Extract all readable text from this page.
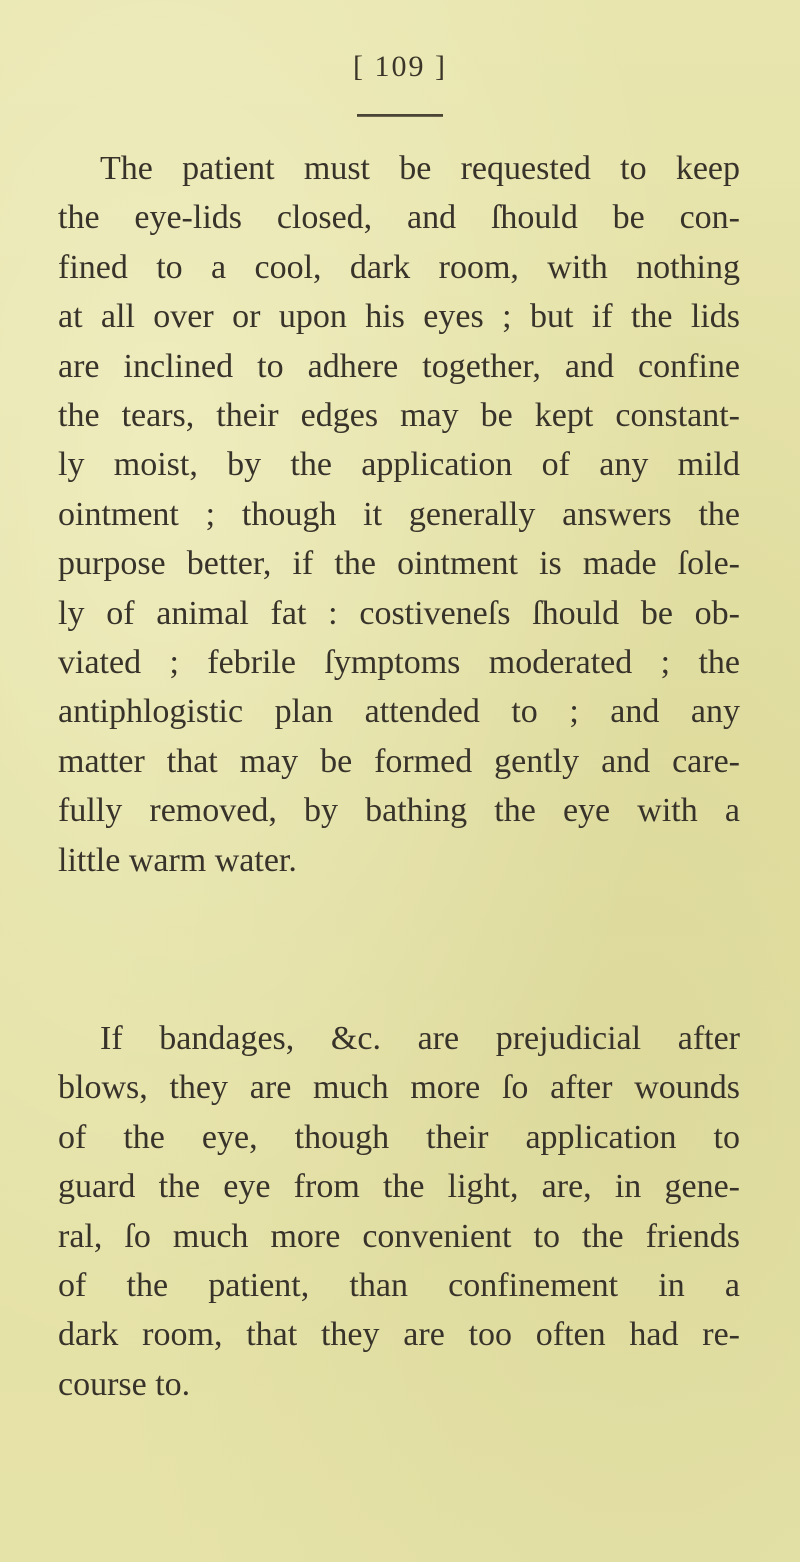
[ 109 ]
The patient must be requested to keep
the eye-lids closed, and ſhould be con-
fined to a cool, dark room, with nothing
at all over or upon his eyes ; but if the lids
are inclined to adhere together, and confine
the tears, their edges may be kept constant-
ly moist, by the application of any mild
ointment ; though it generally answers the
purpose better, if the ointment is made ſole-
ly of animal fat : costiveneſs ſhould be ob-
viated ; febrile ſymptoms moderated ; the
antiphlogistic plan attended to ; and any
matter that may be formed gently and care-
fully removed, by bathing the eye with a
little warm water.
If bandages, &c. are prejudicial after
blows, they are much more ſo after wounds
of the eye, though their application to
guard the eye from the light, are, in gene-
ral, ſo much more convenient to the friends
of the patient, than confinement in a
dark room, that they are too often had re-
course to.
